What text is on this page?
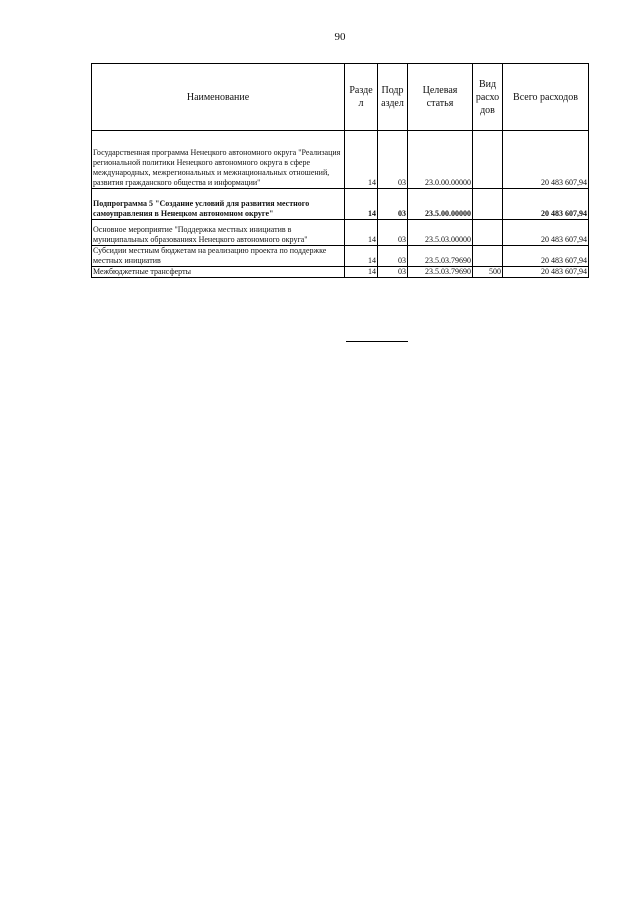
90
Наименование	Разде л	Подр аздел	Целевая статья	Вид расхо дов	Всего расходов
Государственная программа Ненецкого автономного округа "Реализация региональной политики Ненецкого автономного округа в сфере международных, межрегиональных и межнациональных отношений, развития гражданского общества и информации"	14	03	23.0.00.00000		20 483 607,94
Подпрограмма 5 "Создание условий для развития местного самоуправления в Ненецком автономном округе"	14	03	23.5.00.00000		20 483 607,94
Основное мероприятие "Поддержка местных инициатив в муниципальных образованиях Ненецкого автономного округа"	14	03	23.5.03.00000		20 483 607,94
Субсидии местным бюджетам на реализацию проекта по поддержке местных инициатив	14	03	23.5.03.79690		20 483 607,94
Межбюджетные трансферты	14	03	23.5.03.79690	500	20 483 607,94
